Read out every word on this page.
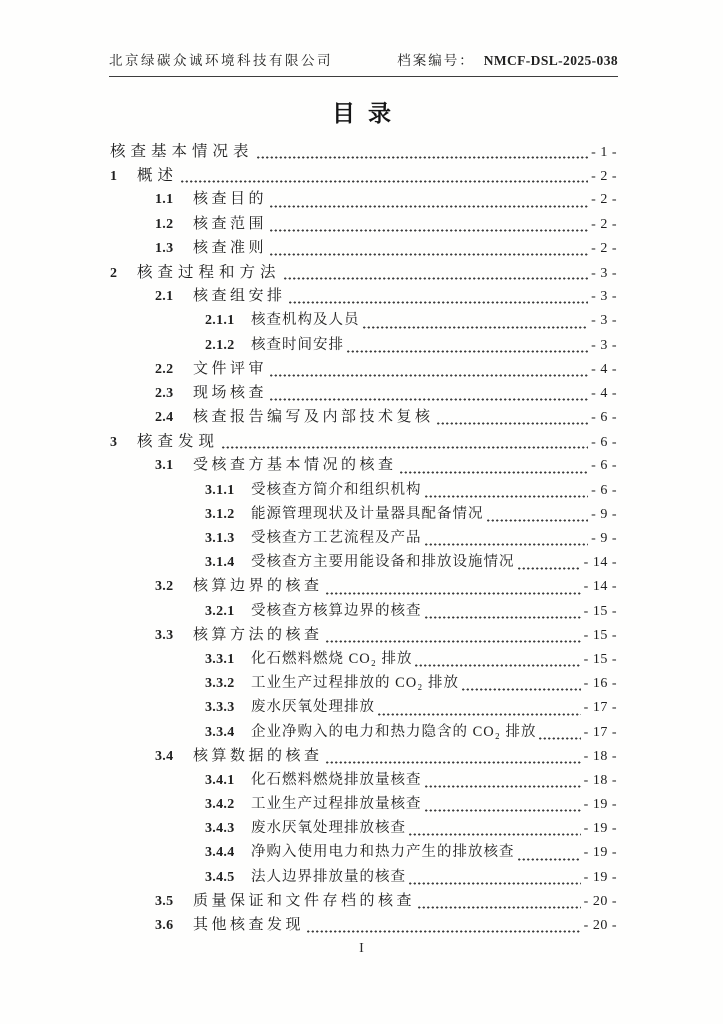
北京绿碳众诚环境科技有限公司	档案编号： NMCF-DSL-2025-038
目录
核查基本情况表	- 1 -
1	概述	- 2 -
1.1	核查目的	- 2 -
1.2	核查范围	- 2 -
1.3	核查准则	- 2 -
2	核查过程和方法	- 3 -
2.1	核查组安排	- 3 -
2.1.1	核查机构及人员	- 3 -
2.1.2	核查时间安排	- 3 -
2.2	文件评审	- 4 -
2.3	现场核查	- 4 -
2.4	核查报告编写及内部技术复核	- 6 -
3	核查发现	- 6 -
3.1	受核查方基本情况的核查	- 6 -
3.1.1	受核查方简介和组织机构	- 6 -
3.1.2	能源管理现状及计量器具配备情况	- 9 -
3.1.3	受核查方工艺流程及产品	- 9 -
3.1.4	受核查方主要用能设备和排放设施情况	- 14 -
3.2	核算边界的核查	- 14 -
3.2.1	受核查方核算边界的核查	- 15 -
3.3	核算方法的核查	- 15 -
3.3.1	化石燃料燃烧 CO₂ 排放	- 15 -
3.3.2	工业生产过程排放的 CO₂ 排放	- 16 -
3.3.3	废水厌氧处理排放	- 17 -
3.3.4	企业净购入的电力和热力隐含的 CO₂ 排放	- 17 -
3.4	核算数据的核查	- 18 -
3.4.1	化石燃料燃烧排放量核查	- 18 -
3.4.2	工业生产过程排放量核查	- 19 -
3.4.3	废水厌氧处理排放核查	- 19 -
3.4.4	净购入使用电力和热力产生的排放核查	- 19 -
3.4.5	法人边界排放量的核查	- 19 -
3.5	质量保证和文件存档的核查	- 20 -
3.6	其他核查发现	- 20 -
I
